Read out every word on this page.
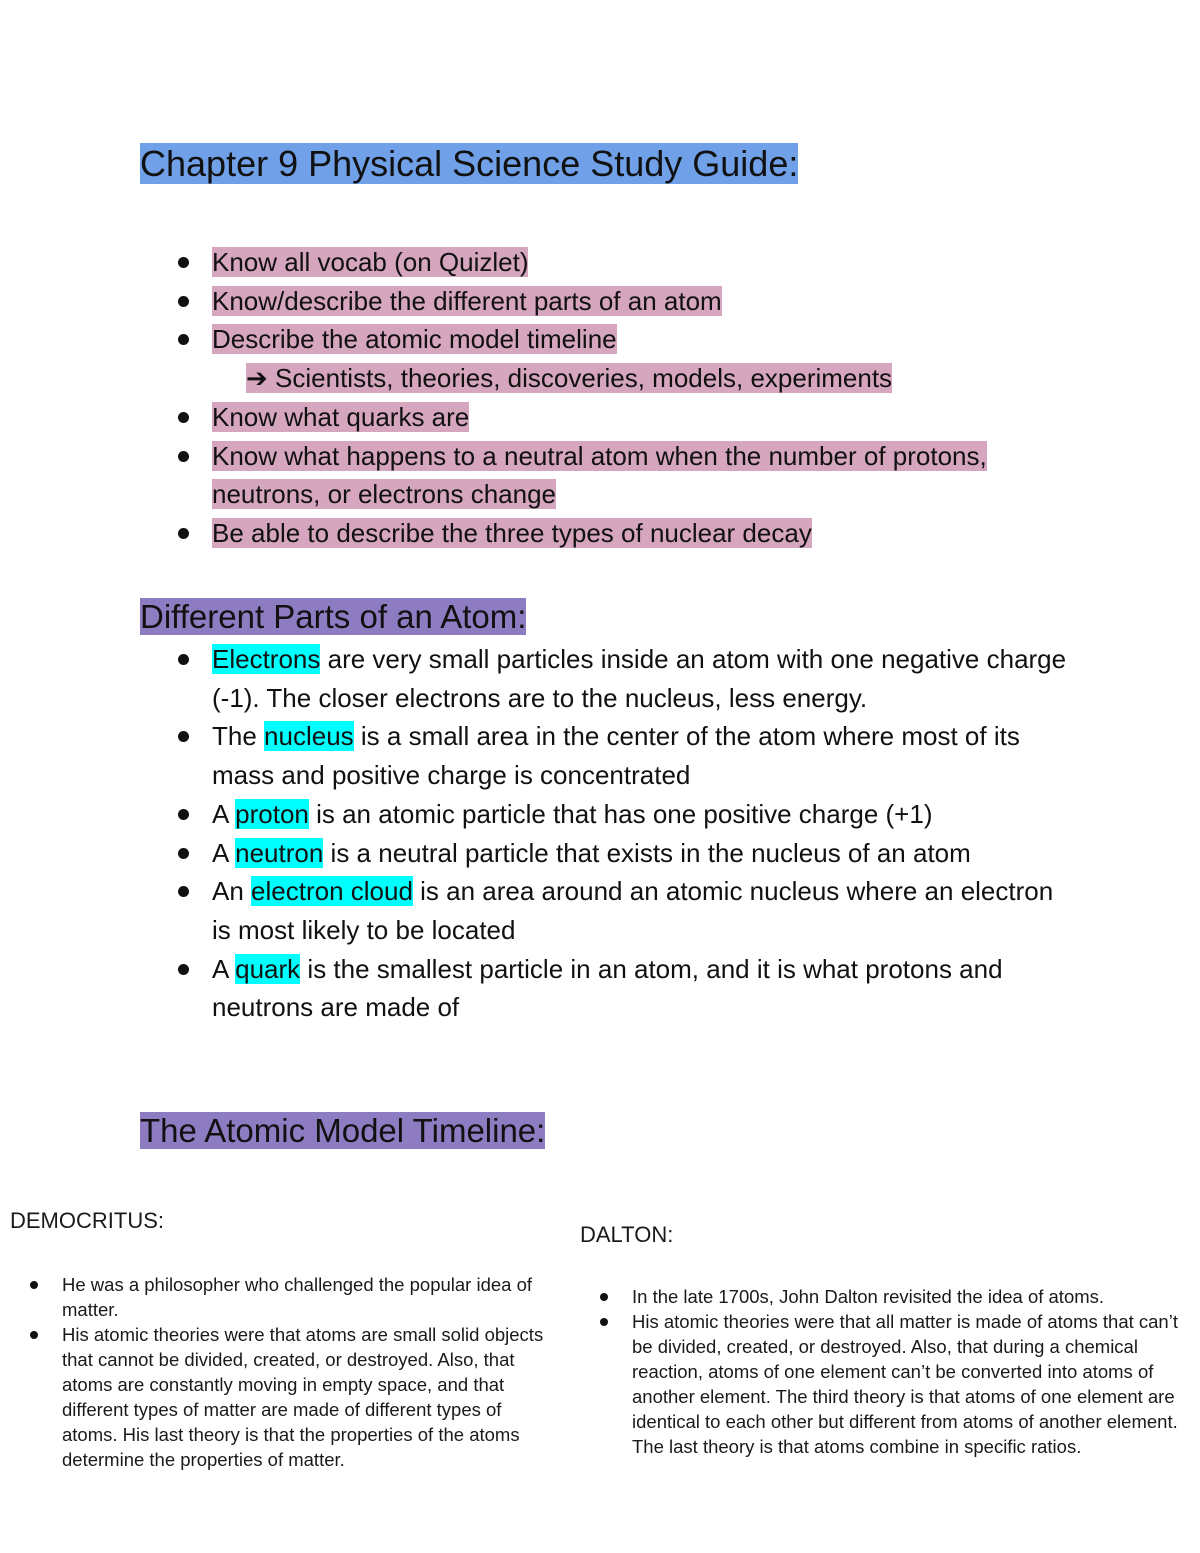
Chapter 9 Physical Science Study Guide:
Know all vocab (on Quizlet)
Know/describe the different parts of an atom
Describe the atomic model timeline
➔ Scientists, theories, discoveries, models, experiments
Know what quarks are
Know what happens to a neutral atom when the number of protons, neutrons, or electrons change
Be able to describe the three types of nuclear decay
Different Parts of an Atom:
Electrons are very small particles inside an atom with one negative charge (-1). The closer electrons are to the nucleus, less energy.
The nucleus is a small area in the center of the atom where most of its mass and positive charge is concentrated
A proton is an atomic particle that has one positive charge (+1)
A neutron is a neutral particle that exists in the nucleus of an atom
An electron cloud is an area around an atomic nucleus where an electron is most likely to be located
A quark is the smallest particle in an atom, and it is what protons and neutrons are made of
The Atomic Model Timeline:
DEMOCRITUS:
He was a philosopher who challenged the popular idea of matter.
His atomic theories were that atoms are small solid objects that cannot be divided, created, or destroyed. Also, that atoms are constantly moving in empty space, and that different types of matter are made of different types of atoms. His last theory is that the properties of the atoms determine the properties of matter.
DALTON:
In the late 1700s, John Dalton revisited the idea of atoms.
His atomic theories were that all matter is made of atoms that can’t be divided, created, or destroyed. Also, that during a chemical reaction, atoms of one element can’t be converted into atoms of another element. The third theory is that atoms of one element are identical to each other but different from atoms of another element. The last theory is that atoms combine in specific ratios.
